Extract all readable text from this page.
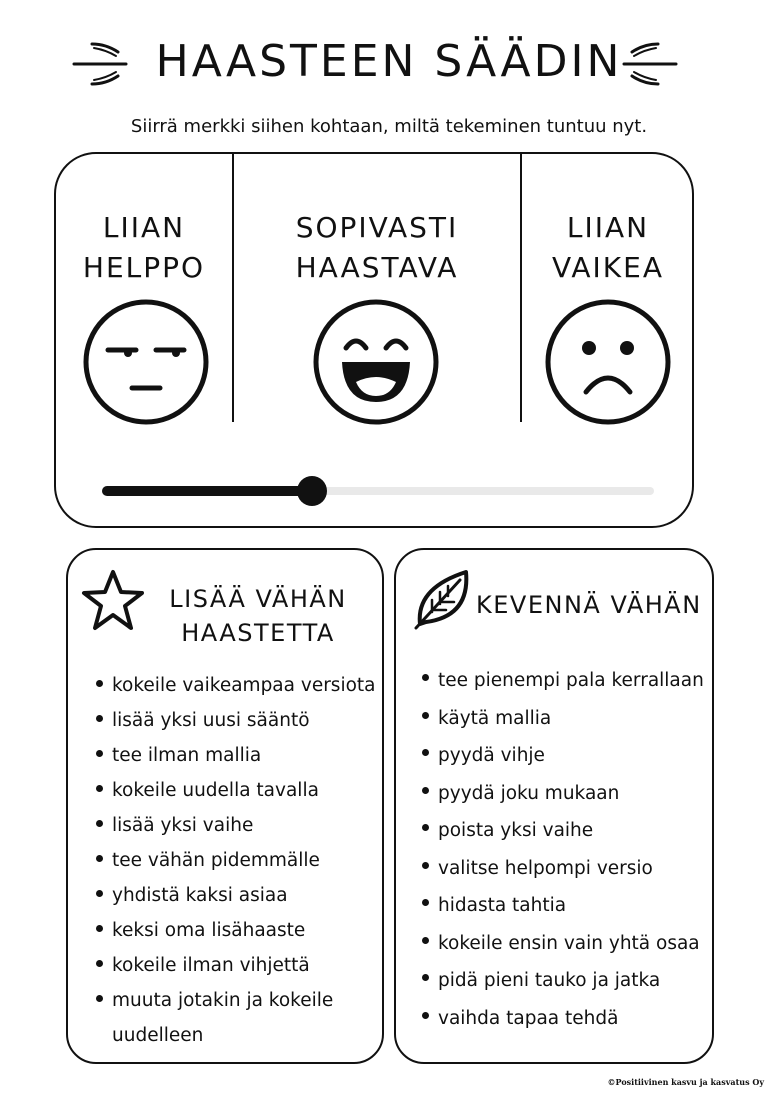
HAASTEEN SÄÄDIN
Siirrä merkki siihen kohtaan, miltä tekeminen tuntuu nyt.
LIIAN
HELPPO
SOPIVASTI
HAASTAVA
LIIAN
VAIKEA
LISÄÄ VÄHÄN
HAASTETTA
kokeile vaikeampaa versiota
lisää yksi uusi sääntö
tee ilman mallia
kokeile uudella tavalla
lisää yksi vaihe
tee vähän pidemmälle
yhdistä kaksi asiaa
keksi oma lisähaaste
kokeile ilman vihjettä
muuta jotakin ja kokeile uudelleen
KEVENNÄ VÄHÄN
tee pienempi pala kerrallaan
käytä mallia
pyydä vihje
pyydä joku mukaan
poista yksi vaihe
valitse helpompi versio
hidasta tahtia
kokeile ensin vain yhtä osaa
pidä pieni tauko ja jatka
vaihda tapaa tehdä
©Positiivinen kasvu ja kasvatus Oy
